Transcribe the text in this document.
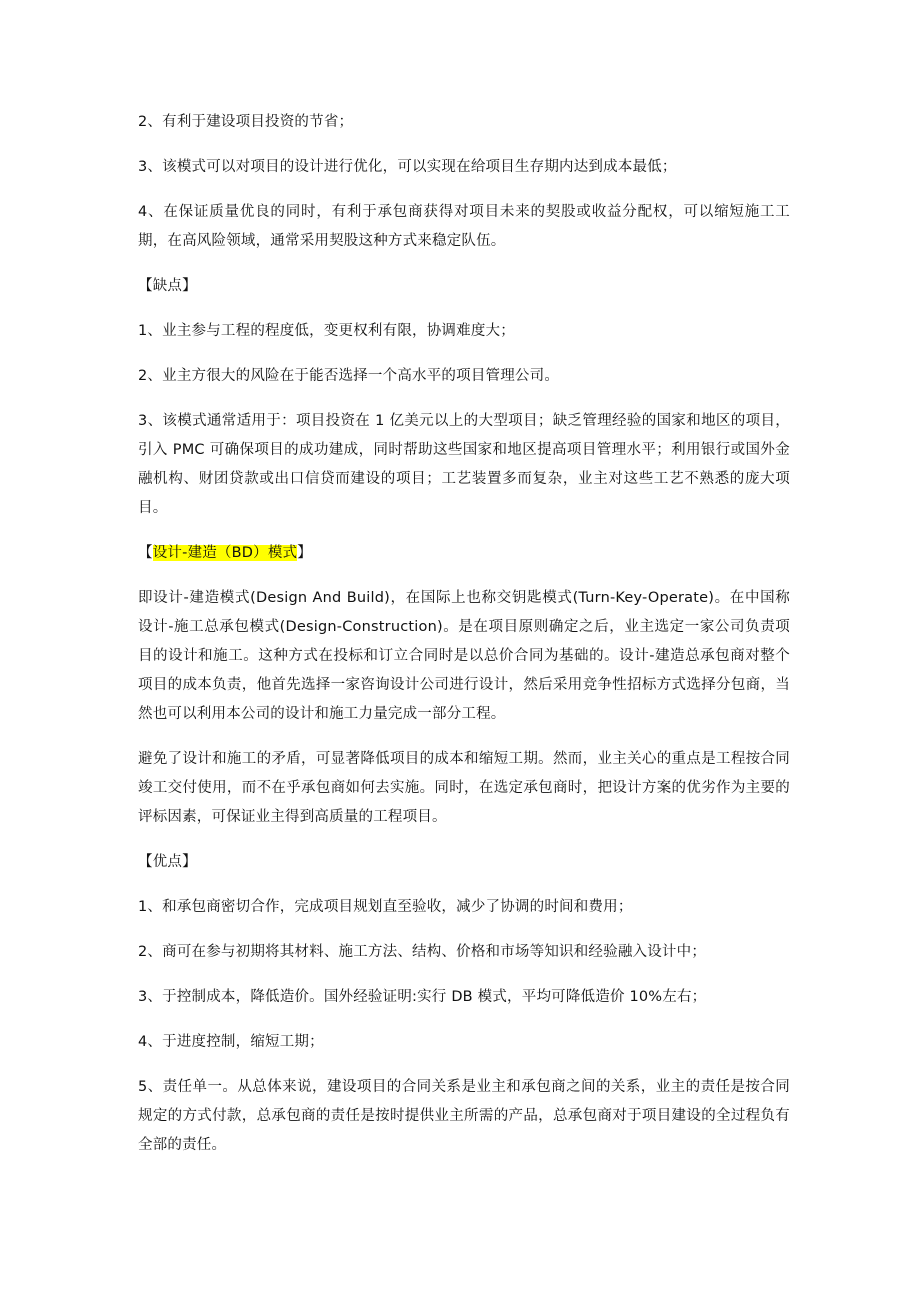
2、有利于建设项目投资的节省；

3、该模式可以对项目的设计进行优化，可以实现在给项目生存期内达到成本最低；

4、在保证质量优良的同时，有利于承包商获得对项目未来的契股或收益分配权，可以缩短施工工期，在高风险领域，通常采用契股这种方式来稳定队伍。

【缺点】

1、业主参与工程的程度低，变更权利有限，协调难度大；

2、业主方很大的风险在于能否选择一个高水平的项目管理公司。

3、该模式通常适用于：项目投资在 1 亿美元以上的大型项目；缺乏管理经验的国家和地区的项目，引入 PMC 可确保项目的成功建成，同时帮助这些国家和地区提高项目管理水平；利用银行或国外金融机构、财团贷款或出口信贷而建设的项目；工艺装置多而复杂，业主对这些工艺不熟悉的庞大项目。

【设计-建造（BD）模式】

即设计-建造模式(Design And Build)，在国际上也称交钥匙模式(Turn-Key-Operate)。在中国称设计-施工总承包模式(Design-Construction)。是在项目原则确定之后，业主选定一家公司负责项目的设计和施工。这种方式在投标和订立合同时是以总价合同为基础的。设计-建造总承包商对整个项目的成本负责，他首先选择一家咨询设计公司进行设计，然后采用竞争性招标方式选择分包商，当然也可以利用本公司的设计和施工力量完成一部分工程。

避免了设计和施工的矛盾，可显著降低项目的成本和缩短工期。然而，业主关心的重点是工程按合同竣工交付使用，而不在乎承包商如何去实施。同时，在选定承包商时，把设计方案的优劣作为主要的评标因素，可保证业主得到高质量的工程项目。

【优点】

1、和承包商密切合作，完成项目规划直至验收，减少了协调的时间和费用；

2、商可在参与初期将其材料、施工方法、结构、价格和市场等知识和经验融入设计中；

3、于控制成本，降低造价。国外经验证明:实行 DB 模式，平均可降低造价 10%左右；

4、于进度控制，缩短工期；

5、责任单一。从总体来说，建设项目的合同关系是业主和承包商之间的关系，业主的责任是按合同规定的方式付款，总承包商的责任是按时提供业主所需的产品，总承包商对于项目建设的全过程负有全部的责任。
